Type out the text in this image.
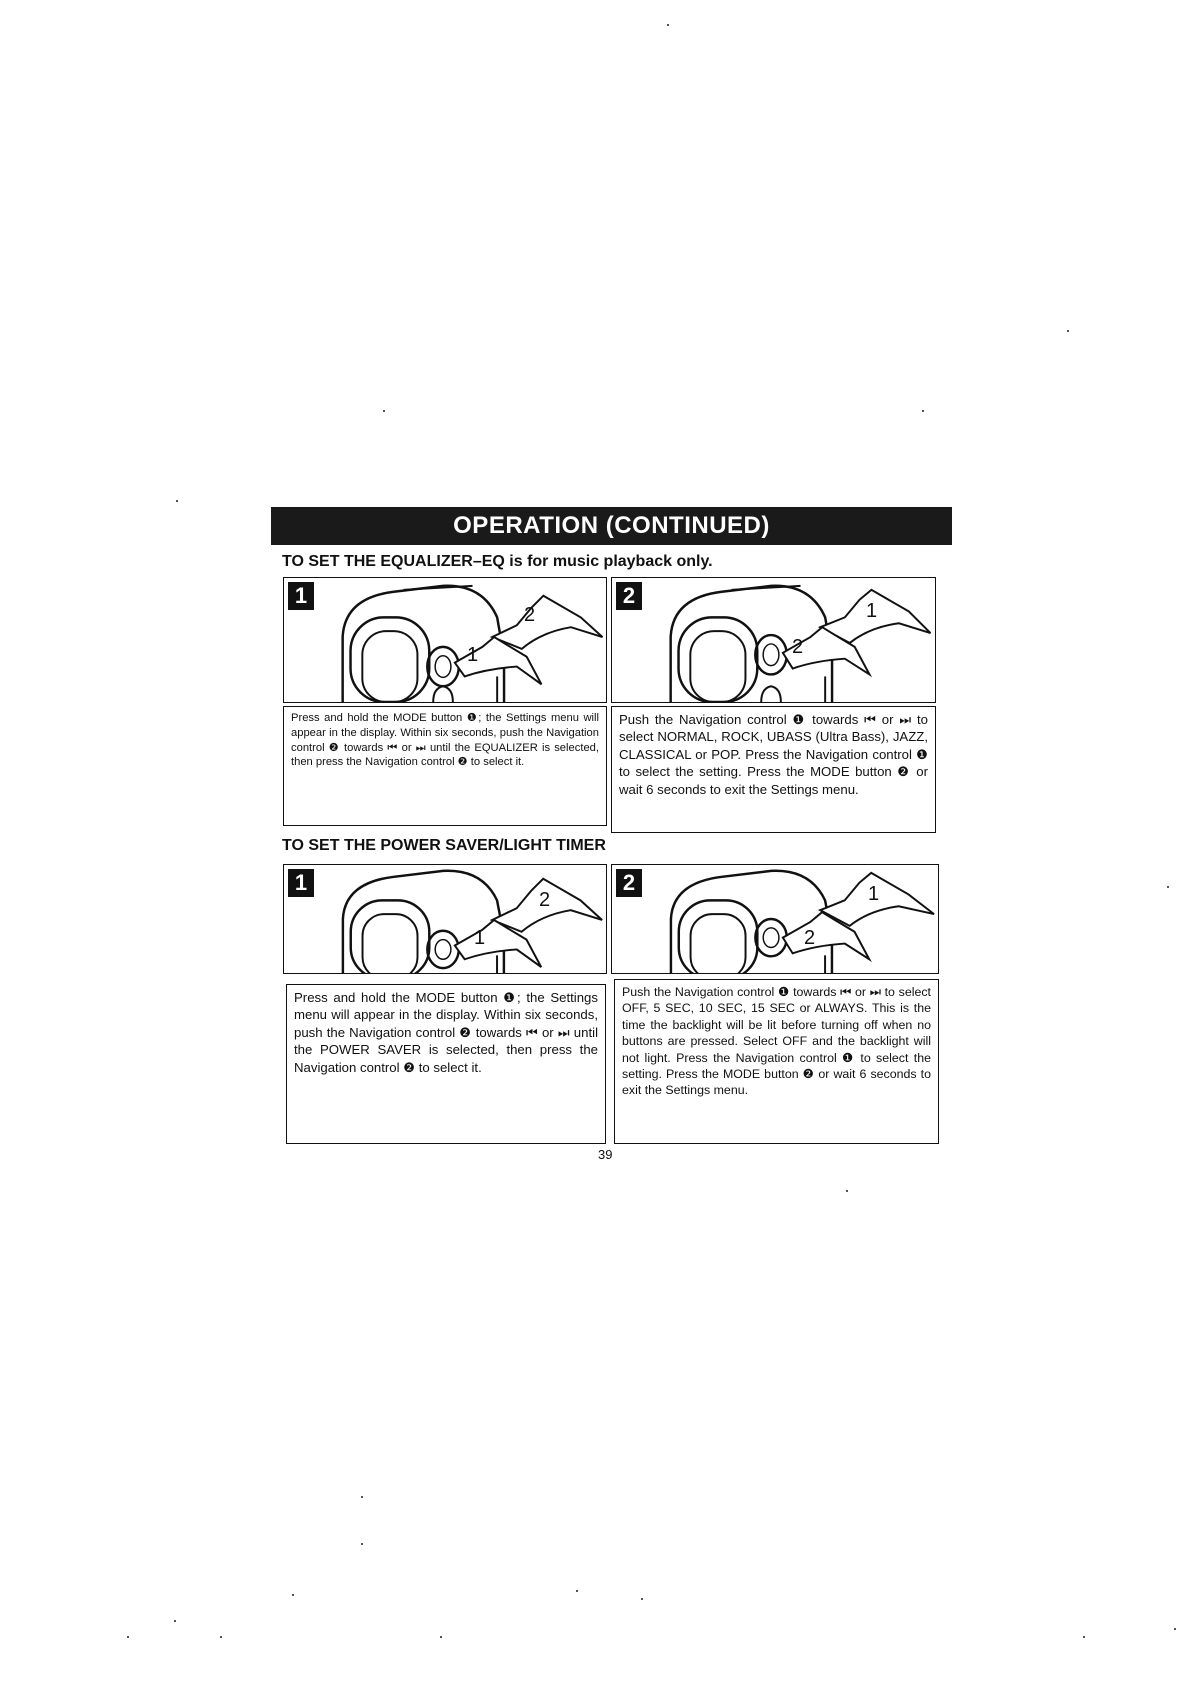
OPERATION (CONTINUED)
TO SET THE EQUALIZER–EQ is for music playback only.
1
2
1
2
1
2
Press and hold the MODE button ❶; the Settings menu will appear in the display. Within six seconds, push the Navigation control ❷ towards ⏮ or ⏭ until the EQUALIZER is selected, then press the Navigation control ❷ to select it.
Push the Navigation control ❶ towards ⏮ or ⏭ to select NORMAL, ROCK, UBASS (Ultra Bass), JAZZ, CLASSICAL or POP. Press the Navigation control ❶ to select the setting. Press the MODE button ❷ or wait 6 seconds to exit the Settings menu.
TO SET THE POWER SAVER/LIGHT TIMER
1
2
1
2	1
2
Press and hold the MODE button ❶; the Settings menu will appear in the display. Within six seconds, push the Navigation control ❷ towards ⏮ or ⏭ until the POWER SAVER is selected, then press the Navigation control ❷ to select it.
Push the Navigation control ❶ towards ⏮ or ⏭ to select OFF, 5 SEC, 10 SEC, 15 SEC or ALWAYS. This is the time the backlight will be lit before turning off when no buttons are pressed. Select OFF and the backlight will not light. Press the Navigation control ❶ to select the setting. Press the MODE button ❷ or wait 6 seconds to exit the Settings menu.
39
